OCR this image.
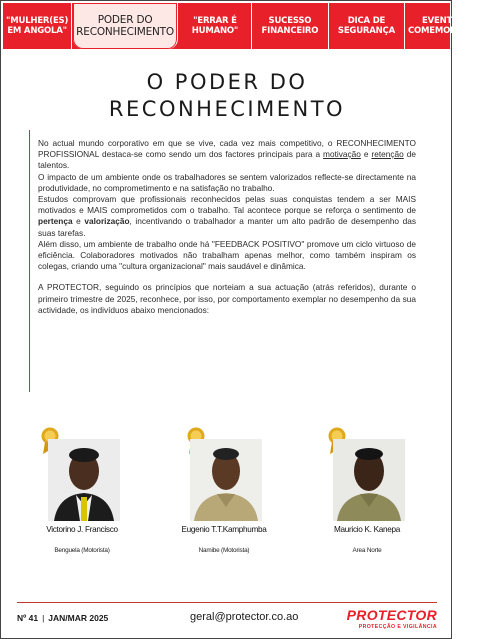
"MULHER(ES) EM ANGOLA"
PODER DO RECONHECIMENTO
"ERRAR É HUMANO"
SUCESSO FINANCEIRO
DICA DE SEGURANÇA
EVENTOS E COMEMORAÇÕES
O PODER DO
RECONHECIMENTO

No actual mundo corporativo em que se vive, cada vez mais competitivo, o RECONHECIMENTO PROFISSIONAL destaca-se como sendo um dos factores principais para a motivação e retenção de talentos.

O impacto de um ambiente onde os trabalhadores se sentem valorizados reflecte-se directamente na produtividade, no comprometimento e na satisfação no trabalho.

Estudos comprovam que profissionais reconhecidos pelas suas conquistas tendem a ser MAIS motivados e MAIS comprometidos com o trabalho. Tal acontece porque se reforça o sentimento de pertença e valorização, incentivando o trabalhador a manter um alto padrão de desempenho das suas tarefas.

Além disso, um ambiente de trabalho onde há "FEEDBACK POSITIVO" promove um ciclo virtuoso de eficiência. Colaboradores motivados não trabalham apenas melhor, como também inspiram os colegas, criando uma "cultura organizacional" mais saudável e dinâmica.

A PROTECTOR, seguindo os princípios que norteiam a sua actuação (atrás referidos), durante o primeiro trimestre de 2025, reconhece, por isso, por comportamento exemplar no desempenho da sua actividade, os indivíduos abaixo mencionados:

Victorino J. Francisco
Benguela (Motorista)
Eugenio T.T.Kamphumba
Namibe (Motorista)
Mauricio K. Kanepa
Area Norte
Nº 41 | JAN/MAR 2025	geral@protector.co.ao	PROTECTOR
PROTECÇÃO E VIGILÂNCIA
